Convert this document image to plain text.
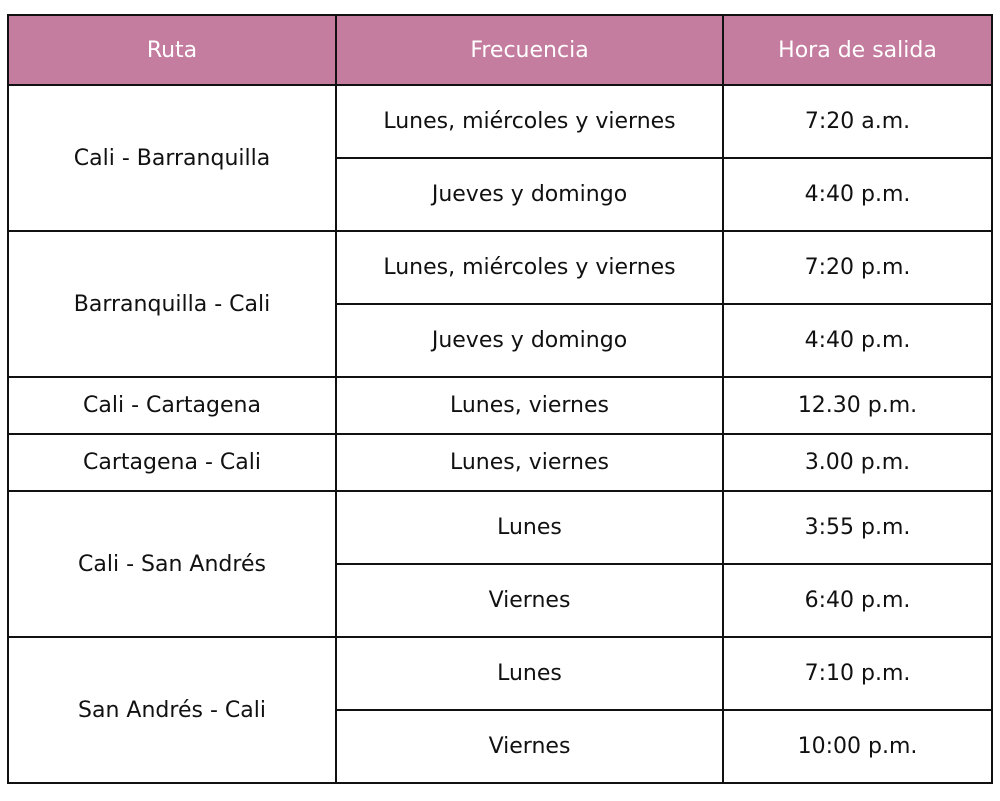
Ruta	Frecuencia	Hora de salida
Cali - Barranquilla	Lunes, miércoles y viernes	7:20 a.m.
	Jueves y domingo	4:40 p.m.
Barranquilla - Cali	Lunes, miércoles y viernes	7:20 p.m.
	Jueves y domingo	4:40 p.m.
Cali - Cartagena	Lunes, viernes	12.30 p.m.
Cartagena - Cali	Lunes, viernes	3.00 p.m.
Cali - San Andrés	Lunes	3:55 p.m.
	Viernes	6:40 p.m.
San Andrés - Cali	Lunes	7:10 p.m.
	Viernes	10:00 p.m.
